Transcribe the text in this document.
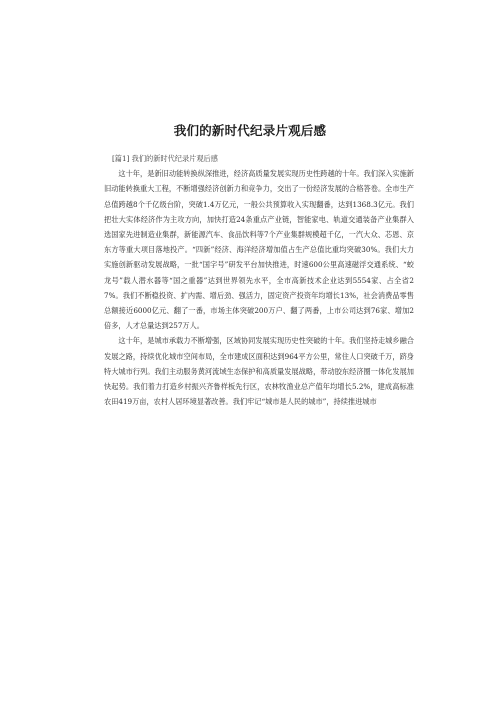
我们的新时代纪录片观后感

[篇1] 我们的新时代纪录片观后感

这十年，是新旧动能转换纵深推进，经济高质量发展实现历史性跨越的十年。我们深入实施新旧动能转换重大工程，不断增强经济创新力和竞争力，交出了一份经济发展的合格答卷。全市生产总值跨越8个千亿级台阶，突破1.4万亿元，一般公共预算收入实现翻番，达到1368.3亿元。我们把壮大实体经济作为主攻方向，加快打造24条重点产业链，智能家电、轨道交通装备产业集群入选国家先进制造业集群，新能源汽车、食品饮料等7个产业集群规模超千亿，一汽大众、芯恩、京东方等重大项目落地投产。“四新”经济、海洋经济增加值占生产总值比重均突破30%。我们大力实施创新驱动发展战略，一批“国字号”研发平台加快推进，时速600公里高速磁浮交通系统、“蛟龙号”载人潜水器等“国之重器”达到世界领先水平，全市高新技术企业达到5554家、占全省27%。我们不断稳投资、扩内需、增后劲、强活力，固定资产投资年均增长13%，社会消费品零售总额接近6000亿元、翻了一番，市场主体突破200万户、翻了两番，上市公司达到76家、增加2倍多，人才总量达到257万人。

这十年，是城市承载力不断增强，区域协同发展实现历史性突破的十年。我们坚持走城乡融合发展之路，持续优化城市空间布局，全市建成区面积达到964平方公里，常住人口突破千万，跻身特大城市行列。我们主动服务黄河流域生态保护和高质量发展战略，带动胶东经济圈一体化发展加快起势。我们着力打造乡村振兴齐鲁样板先行区，农林牧渔业总产值年均增长5.2%，建成高标准农田419万亩，农村人居环境显著改善。我们牢记“城市是人民的城市”，持续推进城市
